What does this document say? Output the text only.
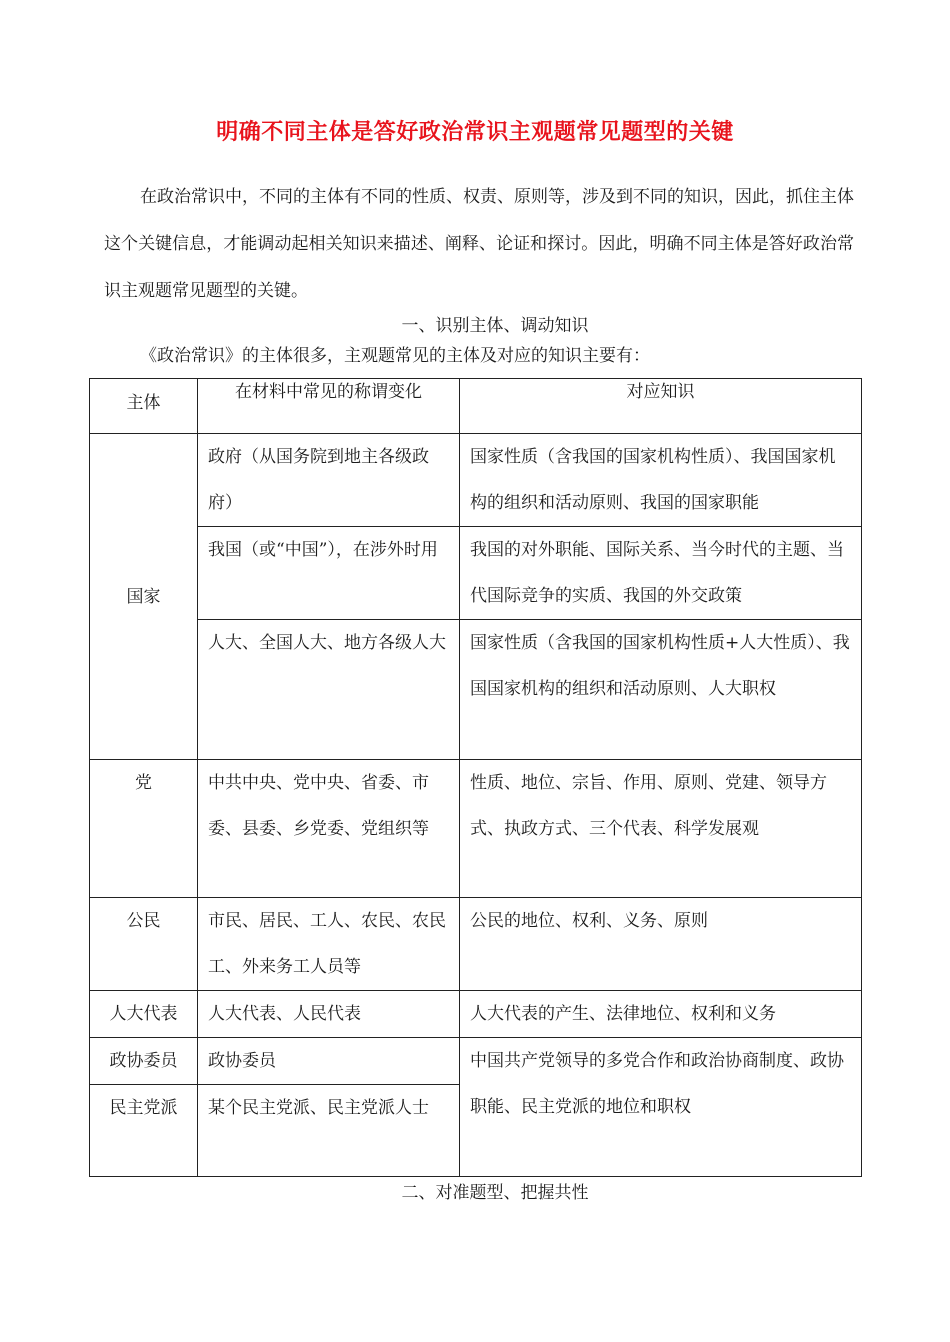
明确不同主体是答好政治常识主观题常见题型的关键
在政治常识中，不同的主体有不同的性质、权责、原则等，涉及到不同的知识，因此，抓住主体这个关键信息，才能调动起相关知识来描述、阐释、论证和探讨。因此，明确不同主体是答好政治常识主观题常见题型的关键。
一、识别主体、调动知识
《政治常识》的主体很多，主观题常见的主体及对应的知识主要有：
主体	在材料中常见的称谓变化	对应知识
国家	政府（从国务院到地主各级政府）	国家性质（含我国的国家机构性质）、我国国家机构的组织和活动原则、我国的国家职能
	我国（或“中国”），在涉外时用	我国的对外职能、国际关系、当今时代的主题、当代国际竞争的实质、我国的外交政策
	人大、全国人大、地方各级人大	国家性质（含我国的国家机构性质+人大性质）、我国国家机构的组织和活动原则、人大职权
党	中共中央、党中央、省委、市委、县委、乡党委、党组织等	性质、地位、宗旨、作用、原则、党建、领导方式、执政方式、三个代表、科学发展观
公民	市民、居民、工人、农民、农民工、外来务工人员等	公民的地位、权利、义务、原则
人大代表	人大代表、人民代表	人大代表的产生、法律地位、权利和义务
政协委员	政协委员	中国共产党领导的多党合作和政治协商制度、政协职能、民主党派的地位和职权
民主党派	某个民主党派、民主党派人士	
二、对准题型、把握共性
